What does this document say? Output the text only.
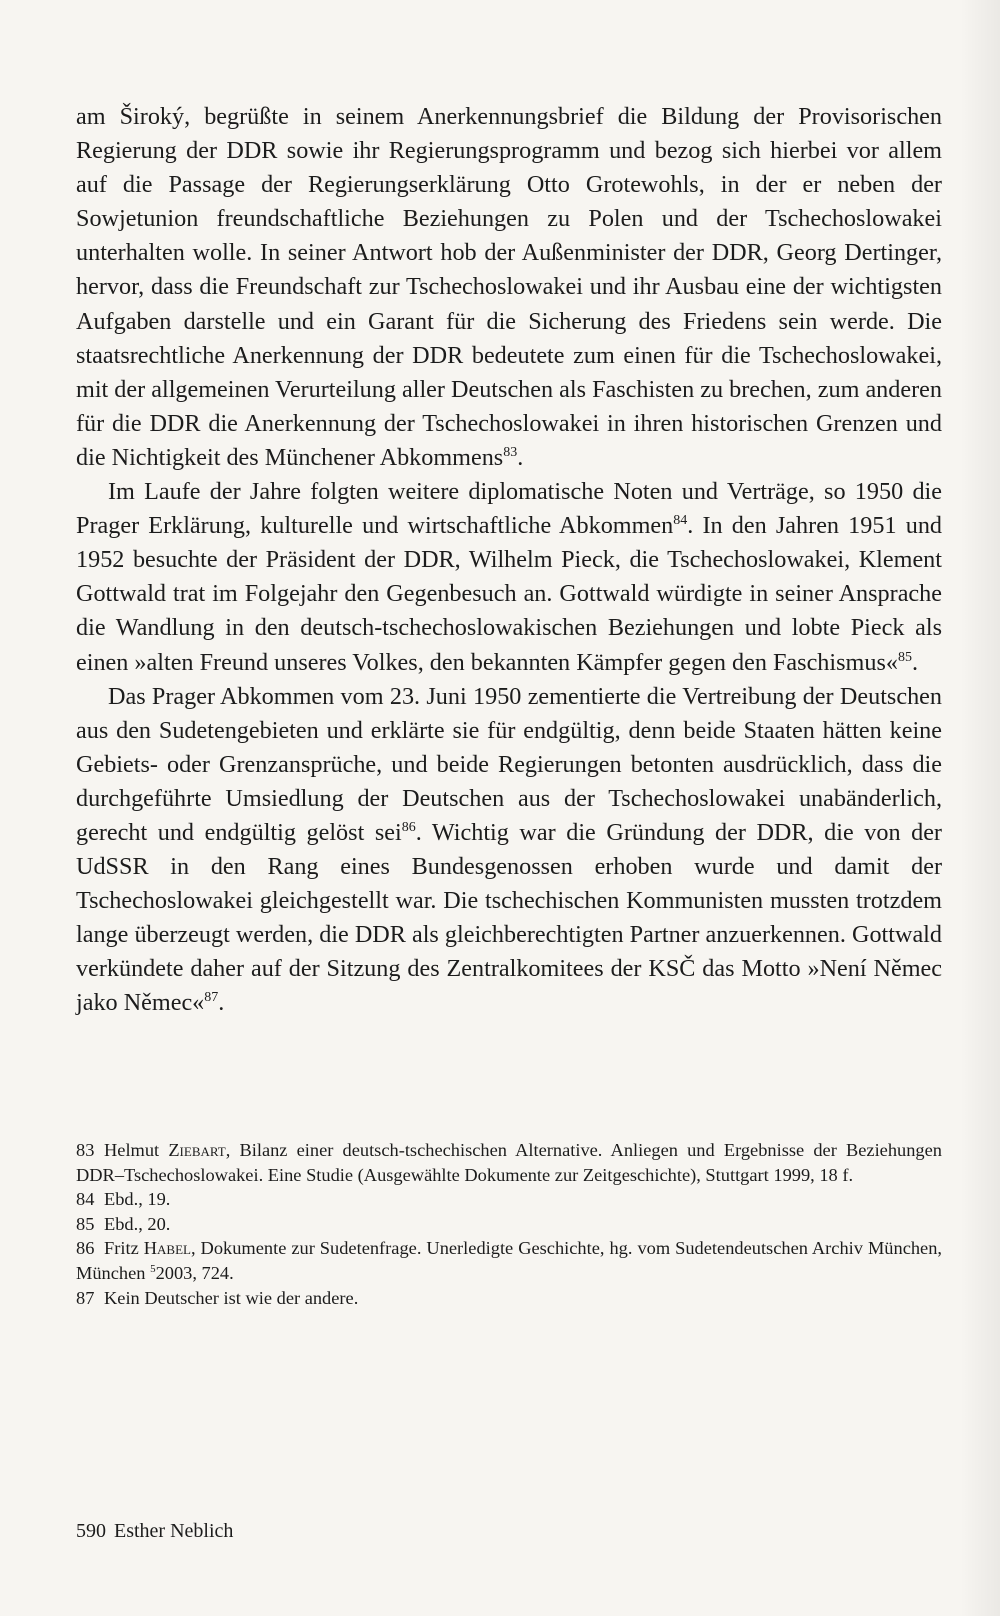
am Široký, begrüßte in seinem Anerkennungsbrief die Bildung der Provisorischen Regierung der DDR sowie ihr Regierungsprogramm und bezog sich hierbei vor allem auf die Passage der Regierungserklärung Otto Grotewohls, in der er neben der Sowjetunion freundschaftliche Beziehungen zu Polen und der Tschechoslowakei unterhalten wolle. In seiner Antwort hob der Außenminister der DDR, Georg Dertinger, hervor, dass die Freundschaft zur Tschechoslowakei und ihr Ausbau eine der wichtigsten Aufgaben darstelle und ein Garant für die Sicherung des Friedens sein werde. Die staatsrechtliche Anerkennung der DDR bedeutete zum einen für die Tschechoslowakei, mit der allgemeinen Verurteilung aller Deutschen als Faschisten zu brechen, zum anderen für die DDR die Anerkennung der Tschechoslowakei in ihren historischen Grenzen und die Nichtigkeit des Münchener Abkommens$^{83}$.

Im Laufe der Jahre folgten weitere diplomatische Noten und Verträge, so 1950 die Prager Erklärung, kulturelle und wirtschaftliche Abkommen$^{84}$. In den Jahren 1951 und 1952 besuchte der Präsident der DDR, Wilhelm Pieck, die Tschechoslowakei, Klement Gottwald trat im Folgejahr den Gegenbesuch an. Gottwald würdigte in seiner Ansprache die Wandlung in den deutsch-tschechoslowakischen Beziehungen und lobte Pieck als einen »alten Freund unseres Volkes, den bekannten Kämpfer gegen den Faschismus«$^{85}$.

Das Prager Abkommen vom 23. Juni 1950 zementierte die Vertreibung der Deutschen aus den Sudetengebieten und erklärte sie für endgültig, denn beide Staaten hätten keine Gebiets- oder Grenzansprüche, und beide Regierungen betonten ausdrücklich, dass die durchgeführte Umsiedlung der Deutschen aus der Tschechoslowakei unabänderlich, gerecht und endgültig gelöst sei$^{86}$. Wichtig war die Gründung der DDR, die von der UdSSR in den Rang eines Bundesgenossen erhoben wurde und damit der Tschechoslowakei gleichgestellt war. Die tschechischen Kommunisten mussten trotzdem lange überzeugt werden, die DDR als gleichberechtigten Partner anzuerkennen. Gottwald verkündete daher auf der Sitzung des Zentralkomitees der KSČ das Motto »Není Němec jako Němec«$^{87}$.

83 Helmut Ziebart, Bilanz einer deutsch-tschechischen Alternative. Anliegen und Ergebnisse der Beziehungen DDR–Tschechoslowakei. Eine Studie (Ausgewählte Dokumente zur Zeitgeschichte), Stuttgart 1999, 18 f.

84 Ebd., 19.

85 Ebd., 20.

86 Fritz Habel, Dokumente zur Sudetenfrage. Unerledigte Geschichte, hg. vom Sudetendeutschen Archiv München, München $^5$2003, 724.

87 Kein Deutscher ist wie der andere.

590 Esther Neblich
